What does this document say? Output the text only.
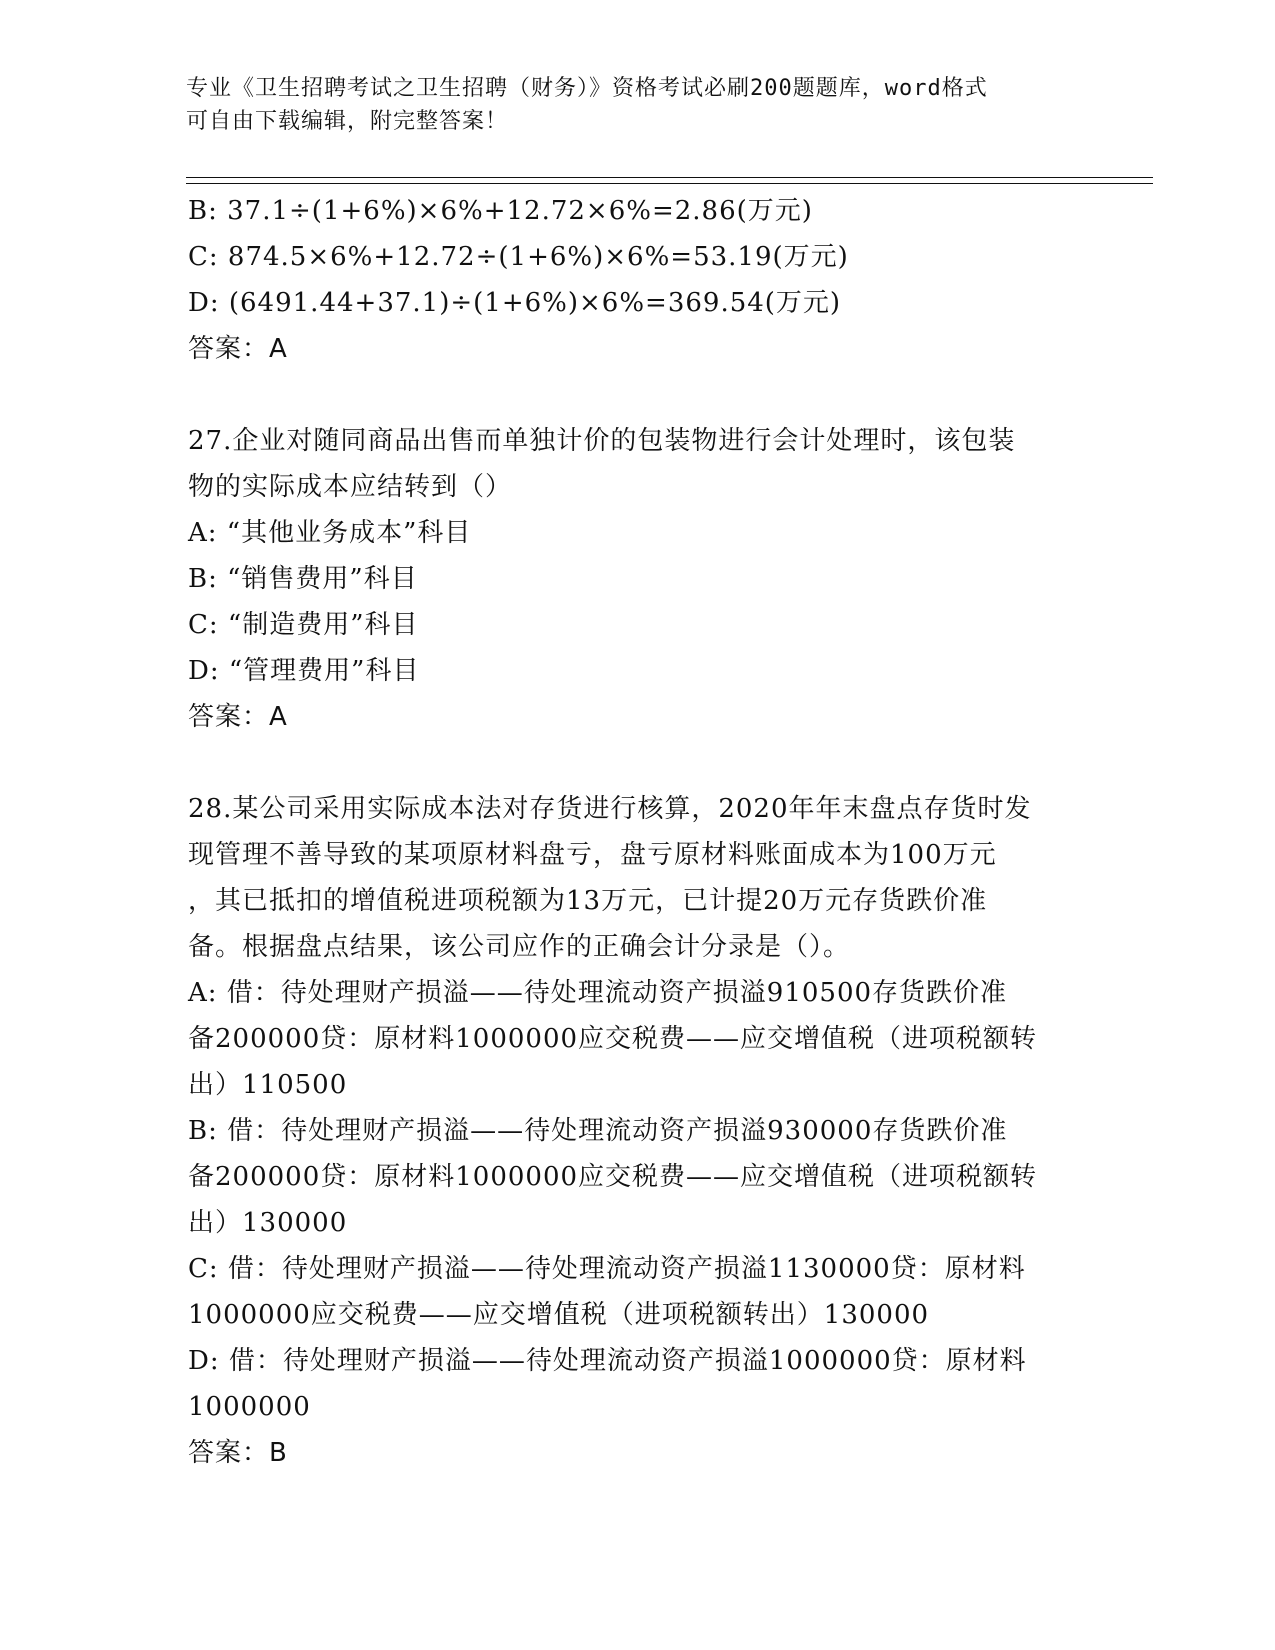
专业《卫生招聘考试之卫生招聘（财务）》资格考试必刷200题题库，word格式
可自由下载编辑，附完整答案！
B: 37.1÷(1+6%)×6%+12.72×6%=2.86(万元)
C: 874.5×6%+12.72÷(1+6%)×6%=53.19(万元)
D: (6491.44+37.1)÷(1+6%)×6%=369.54(万元)
答案：A
27.企业对随同商品出售而单独计价的包装物进行会计处理时，该包装
物的实际成本应结转到（）
A: “其他业务成本”科目
B: “销售费用”科目
C: “制造费用”科目
D: “管理费用”科目
答案：A
28.某公司采用实际成本法对存货进行核算，2020年年末盘点存货时发
现管理不善导致的某项原材料盘亏，盘亏原材料账面成本为100万元
，其已抵扣的增值税进项税额为13万元，已计提20万元存货跌价准
备。根据盘点结果，该公司应作的正确会计分录是（）。
A: 借：待处理财产损溢——待处理流动资产损溢910500存货跌价准
备200000贷：原材料1000000应交税费——应交增值税（进项税额转
出）110500
B: 借：待处理财产损溢——待处理流动资产损溢930000存货跌价准
备200000贷：原材料1000000应交税费——应交增值税（进项税额转
出）130000
C: 借：待处理财产损溢——待处理流动资产损溢1130000贷：原材料
1000000应交税费——应交增值税（进项税额转出）130000
D: 借：待处理财产损溢——待处理流动资产损溢1000000贷：原材料
1000000
答案：B
